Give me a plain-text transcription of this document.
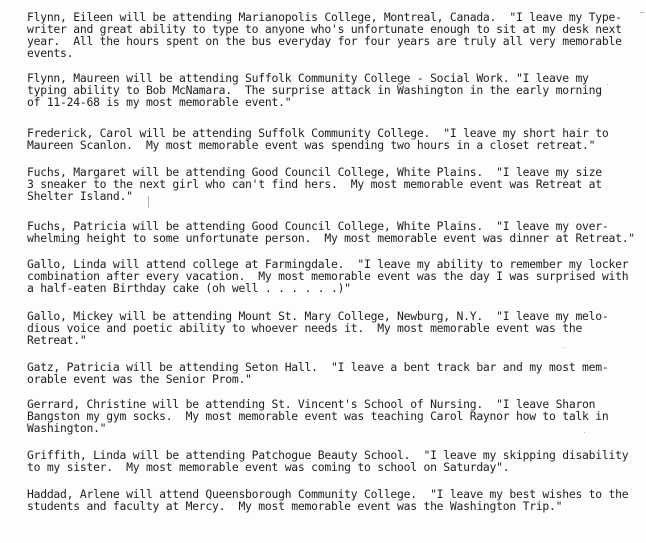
Flynn, Eileen will be attending Marianopolis College, Montreal, Canada.  "I leave my Type-
writer and great ability to type to anyone who's unfortunate enough to sit at my desk next
year.  All the hours spent on the bus everyday for four years are truly all very memorable
events.
Flynn, Maureen will be attending Suffolk Community College - Social Work. "I leave my
typing ability to Bob McNamara.  The surprise attack in Washington in the early morning
of 11-24-68 is my most memorable event."
Frederick, Carol will be attending Suffolk Community College.  "I leave my short hair to
Maureen Scanlon.  My most memorable event was spending two hours in a closet retreat."
Fuchs, Margaret will be attending Good Council College, White Plains.  "I leave my size
3 sneaker to the next girl who can't find hers.  My most memorable event was Retreat at
Shelter Island."
Fuchs, Patricia will be attending Good Council College, White Plains.  "I leave my over-
whelming height to some unfortunate person.  My most memorable event was dinner at Retreat."
Gallo, Linda will attend college at Farmingdale.  "I leave my ability to remember my locker
combination after every vacation.  My most memorable event was the day I was surprised with
a half-eaten Birthday cake (oh well . . . . . .)"
Gallo, Mickey will be attending Mount St. Mary College, Newburg, N.Y.  "I leave my melo-
dious voice and poetic ability to whoever needs it.  My most memorable event was the
Retreat."
Gatz, Patricia will be attending Seton Hall.  "I leave a bent track bar and my most mem-
orable event was the Senior Prom."
Gerrard, Christine will be attending St. Vincent's School of Nursing.  "I leave Sharon
Bangston my gym socks.  My most memorable event was teaching Carol Raynor how to talk in
Washington."
Griffith, Linda will be attending Patchogue Beauty School.  "I leave my skipping disability
to my sister.  My most memorable event was coming to school on Saturday".
Haddad, Arlene will attend Queensborough Community College.  "I leave my best wishes to the
students and faculty at Mercy.  My most memorable event was the Washington Trip."
